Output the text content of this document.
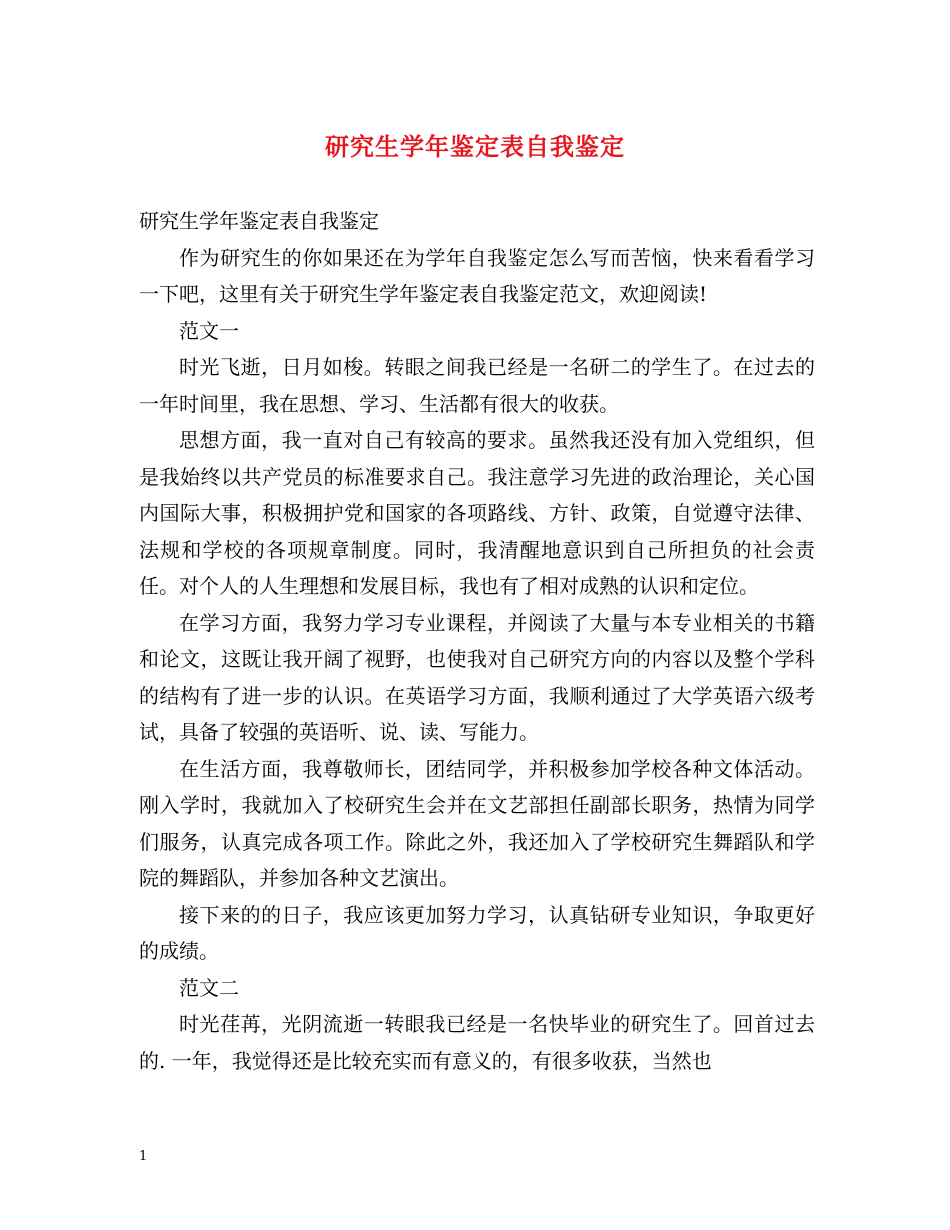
研究生学年鉴定表自我鉴定

研究生学年鉴定表自我鉴定

作为研究生的你如果还在为学年自我鉴定怎么写而苦恼，快来看看学习一下吧，这里有关于研究生学年鉴定表自我鉴定范文，欢迎阅读!

范文一

时光飞逝，日月如梭。转眼之间我已经是一名研二的学生了。在过去的一年时间里，我在思想、学习、生活都有很大的收获。

思想方面，我一直对自己有较高的要求。虽然我还没有加入党组织，但是我始终以共产党员的标准要求自己。我注意学习先进的政治理论，关心国内国际大事，积极拥护党和国家的各项路线、方针、政策，自觉遵守法律、法规和学校的各项规章制度。同时，我清醒地意识到自己所担负的社会责任。对个人的人生理想和发展目标，我也有了相对成熟的认识和定位。

在学习方面，我努力学习专业课程，并阅读了大量与本专业相关的书籍和论文，这既让我开阔了视野，也使我对自己研究方向的内容以及整个学科的结构有了进一步的认识。在英语学习方面，我顺利通过了大学英语六级考试，具备了较强的英语听、说、读、写能力。

在生活方面，我尊敬师长，团结同学，并积极参加学校各种文体活动。刚入学时，我就加入了校研究生会并在文艺部担任副部长职务，热情为同学们服务，认真完成各项工作。除此之外，我还加入了学校研究生舞蹈队和学院的舞蹈队，并参加各种文艺演出。

接下来的的日子，我应该更加努力学习，认真钻研专业知识，争取更好的成绩。

范文二

时光荏苒，光阴流逝一转眼我已经是一名快毕业的研究生了。回首过去的. 一年，我觉得还是比较充实而有意义的，有很多收获，当然也

1
